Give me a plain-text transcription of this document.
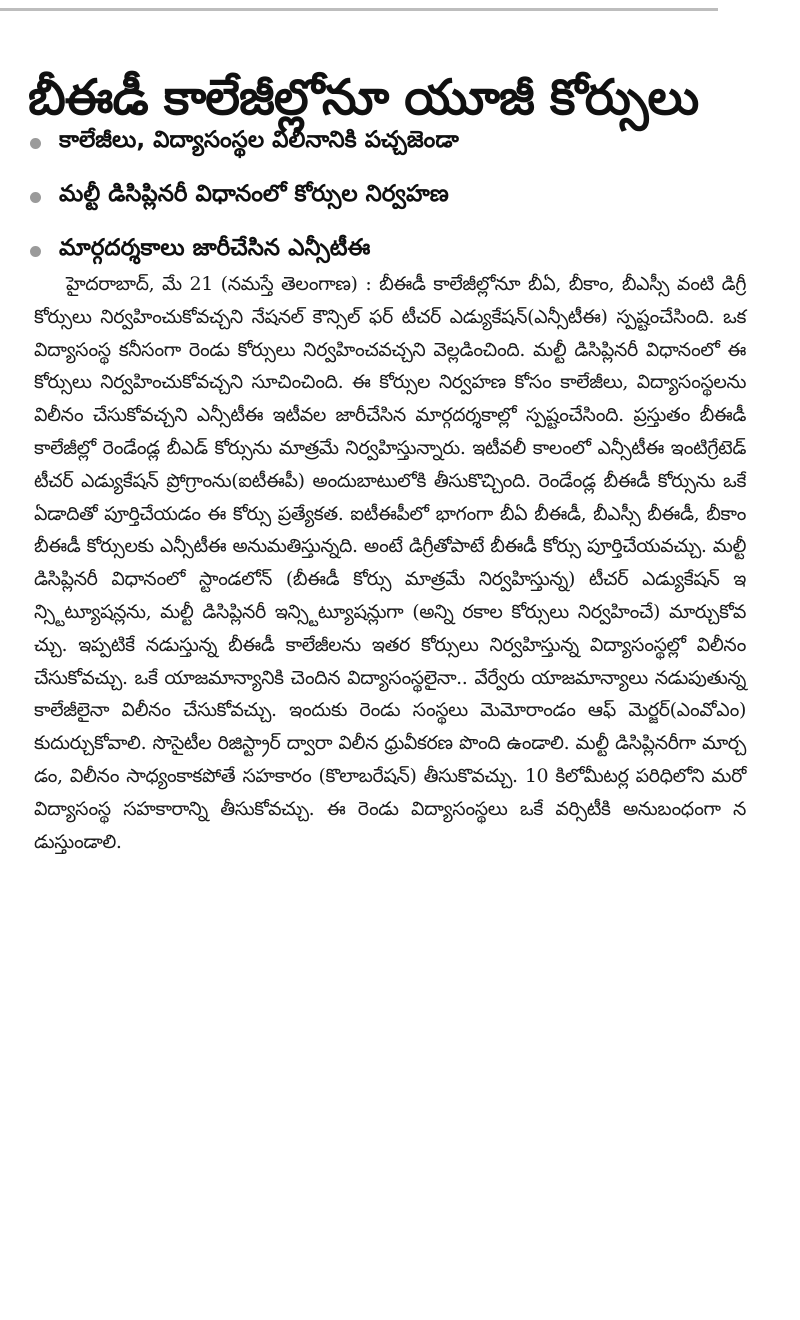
బీఈడీ కాలేజీల్లోనూ యూజీ కోర్సులు
కాలేజీలు, విద్యాసంస్థల విలీనానికి పచ్చజెండా
మల్టీ డిసిప్లినరీ విధానంలో కోర్సుల నిర్వహణ
మార్గదర్శకాలు జారీచేసిన ఎన్సీటీఈ

హైదరాబాద్, మే 21 (నమస్తే తెలంగాణ) : బీఈడీ కాలేజీల్లోనూ బీఏ, బీకాం, బీఎస్సీ వంటి డిగ్రీ కోర్సులు నిర్వహించుకోవచ్చని నేషనల్ కౌన్సిల్ ఫర్ టీచర్ ఎడ్యుకేషన్(ఎన్సీటీఈ) స్పష్టంచేసింది. ఒక విద్యాసంస్థ కనీసంగా రెండు కోర్సులు నిర్వహించవచ్చని వెల్లడించింది. మల్టీ డిసిప్లినరీ విధానంలో ఈ కోర్సులు నిర్వహించుకోవచ్చని సూచించింది. ఈ కోర్సుల నిర్వహణ కోసం కాలేజీలు, విద్యాసంస్థలను విలీనం చేసుకోవచ్చని ఎన్సీటీఈ ఇటీవల జారీచేసిన మార్గదర్శకాల్లో స్పష్టంచేసింది. ప్రస్తుతం బీఈడీ కాలేజీల్లో రెండేండ్ల బీఎడ్ కోర్సును మాత్రమే నిర్వహిస్తున్నారు. ఇటీవలీ కాలంలో ఎన్సీటీఈ ఇంటిగ్రేటెడ్ టీచర్ ఎడ్యుకేషన్ ప్రోగ్రాంను(ఐటీఈపీ) అందుబాటులోకి తీసుకొచ్చింది. రెండేండ్ల బీఈడీ కోర్సును ఒకే ఏడాదితో పూర్తిచేయడం ఈ కోర్సు ప్రత్యేకత. ఐటీఈపీలో భాగంగా బీఏ బీఈడీ, బీఎస్సీ బీఈడీ, బీకాం బీఈడీ కోర్సులకు ఎన్సీటీఈ అనుమతిస్తున్నది. అంటే డిగ్రీతోపాటే బీఈడీ కోర్సు పూర్తిచేయవచ్చు. మల్టీ డిసిప్లినరీ విధానంలో స్టాండలోన్ (బీఈడీ కోర్సు మాత్రమే నిర్వహిస్తున్న) టీచర్ ఎడ్యుకేషన్ ఇన్స్టిట్యూషన్లను, మల్టీ డిసిప్లినరీ ఇన్స్టిట్యూషన్లుగా (అన్ని రకాల కోర్సులు నిర్వహించే) మార్చుకోవచ్చు. ఇప్పటికే నడుస్తున్న బీఈడీ కాలేజీలను ఇతర కోర్సులు నిర్వహిస్తున్న విద్యాసంస్థల్లో విలీనం చేసుకోవచ్చు. ఒకే యాజమాన్యానికి చెందిన విద్యాసంస్థలైనా.. వేర్వేరు యాజమాన్యాలు నడుపుతున్న కాలేజీలైనా విలీనం చేసుకోవచ్చు. ఇందుకు రెండు సంస్థలు మెమోరాండం ఆఫ్ మెర్జర్(ఎంవోఎం) కుదుర్చుకోవాలి. సొసైటీల రిజిస్ట్రార్ ద్వారా విలీన ధ్రువీకరణ పొంది ఉండాలి. మల్టీ డిసిప్లినరీగా మార్చడం, విలీనం సాధ్యంకాకపోతే సహకారం (కొలాబరేషన్) తీసుకొవచ్చు. 10 కిలోమీటర్ల పరిధిలోని మరో విద్యాసంస్థ సహకారాన్ని తీసుకోవచ్చు. ఈ రెండు విద్యాసంస్థలు ఒకే వర్సిటీకి అనుబంధంగా నడుస్తుండాలి.
